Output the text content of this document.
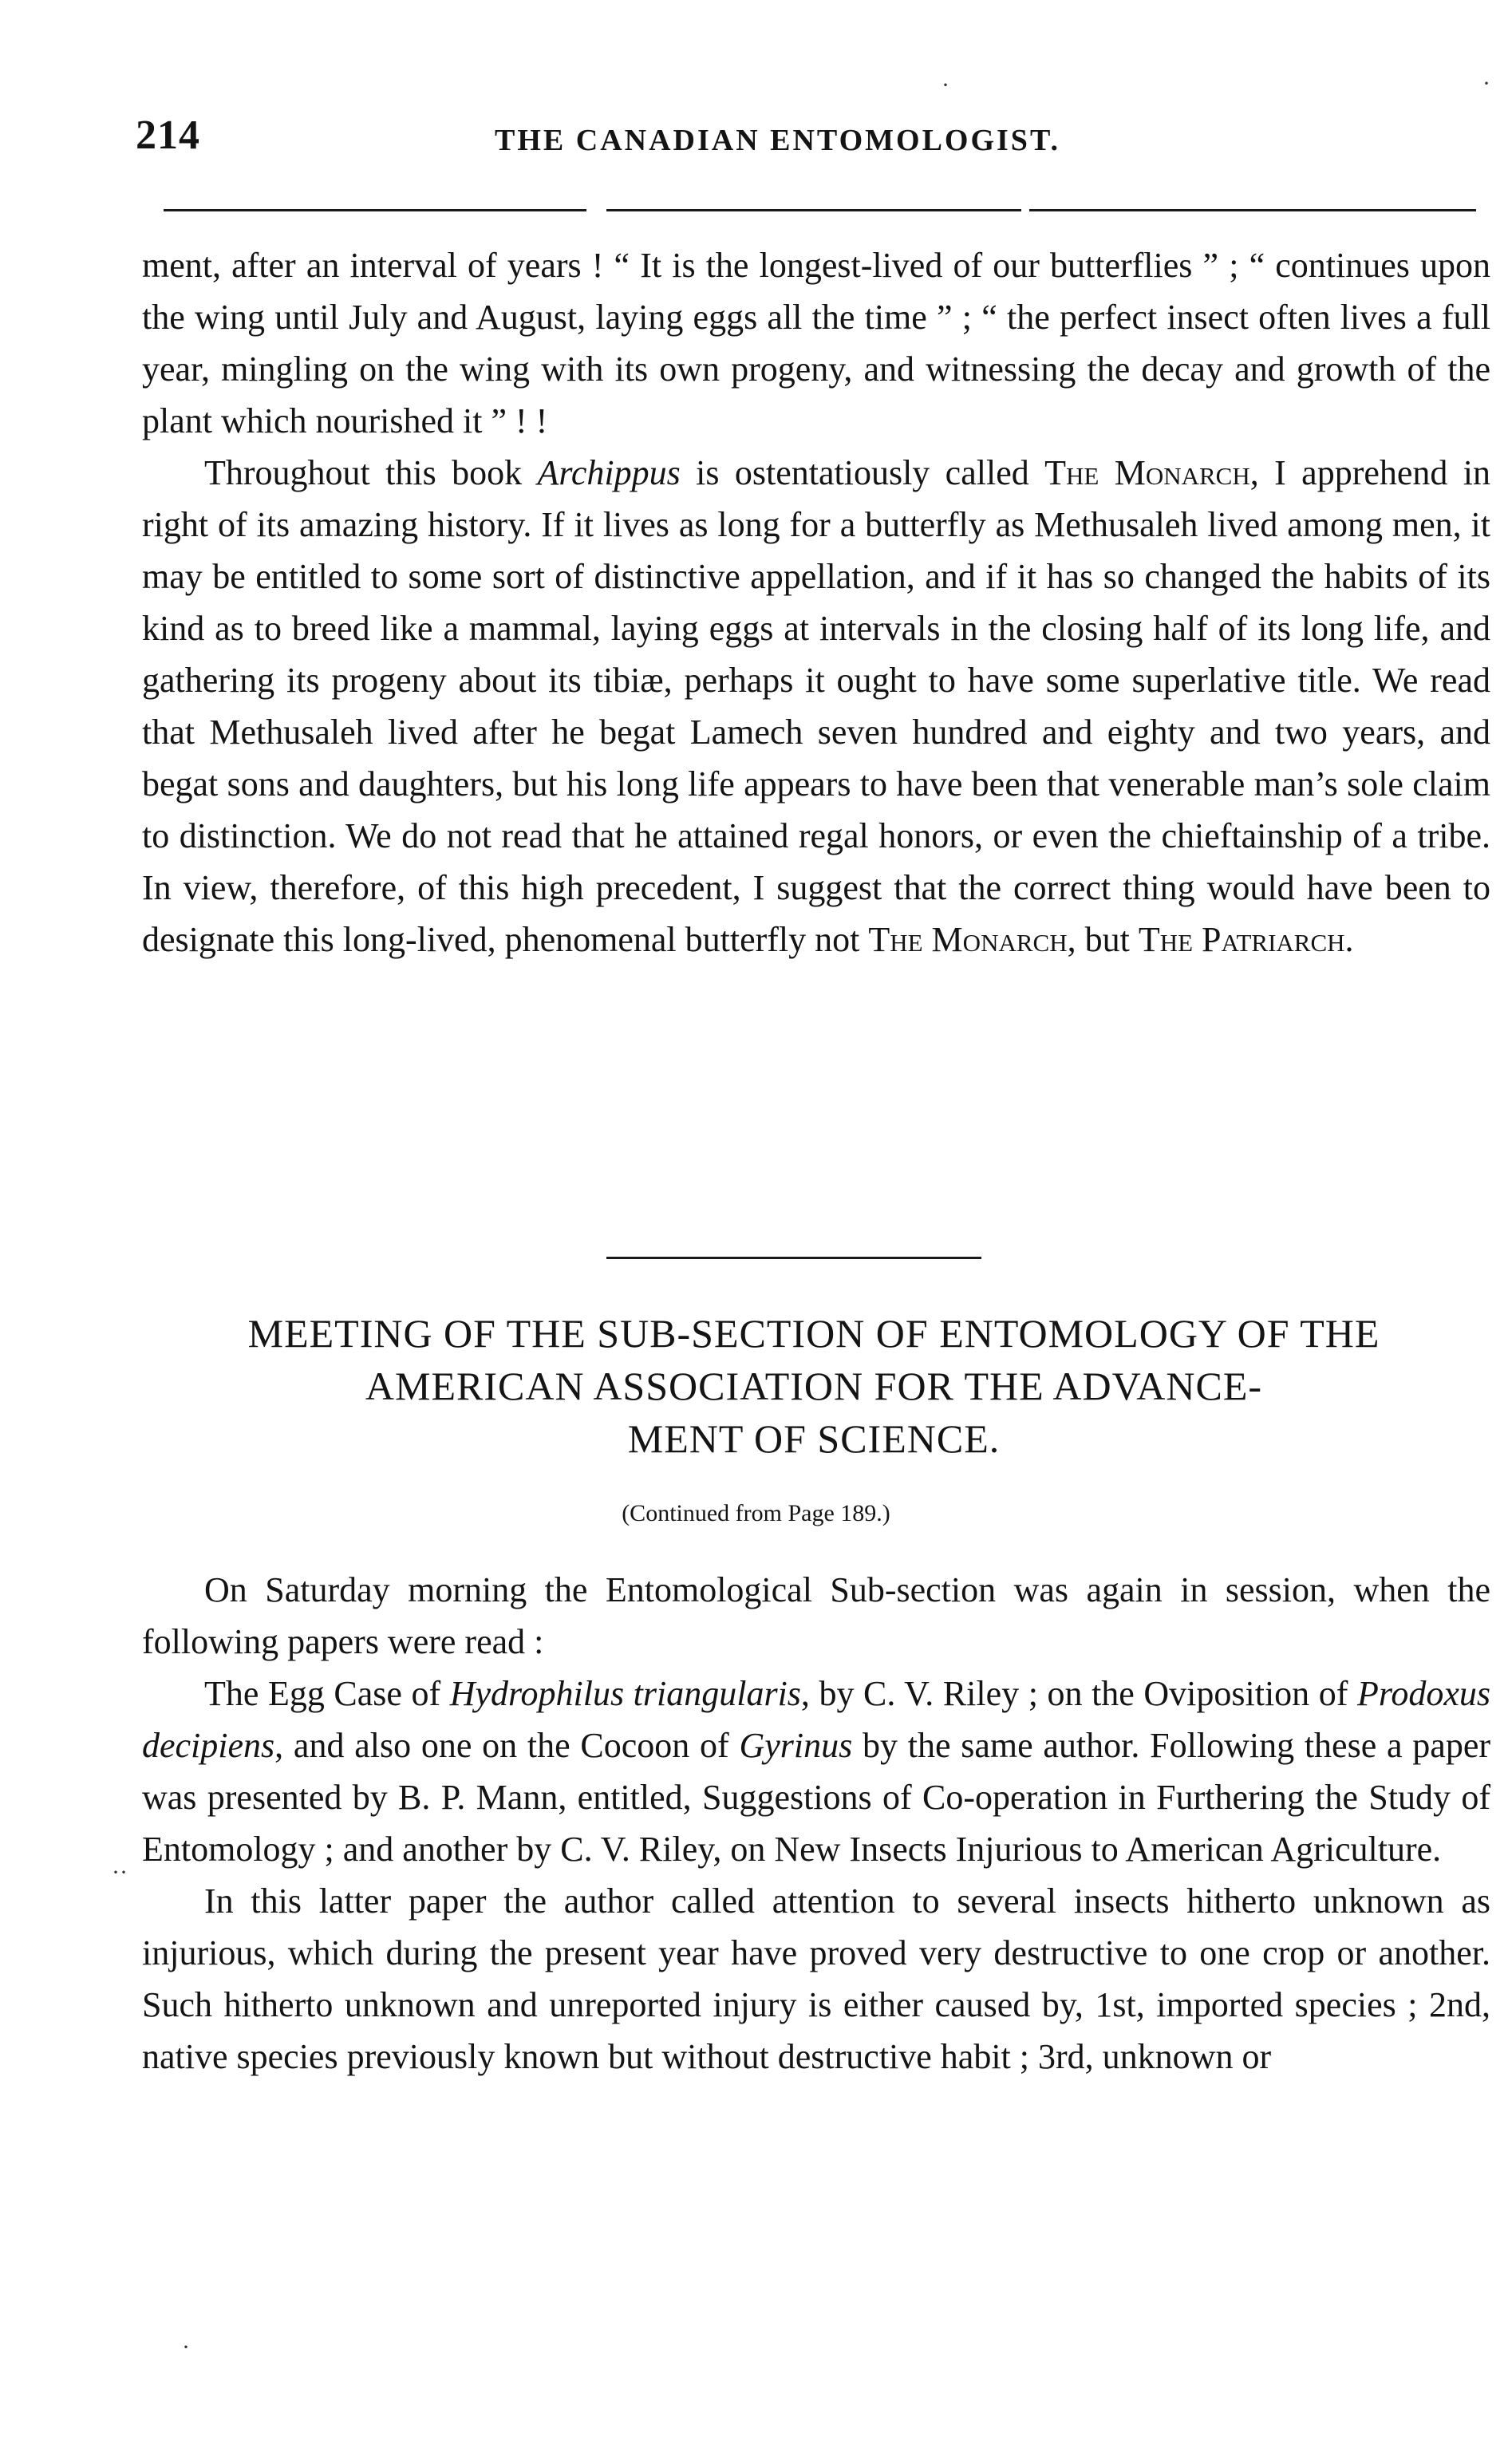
214	THE CANADIAN ENTOMOLOGIST.
·	·

ment, after an interval of years ! “ It is the longest-lived of our butterflies ” ; “ continues upon the wing until July and August, laying eggs all the time ” ; “ the perfect insect often lives a full year, mingling on the wing with its own progeny, and witnessing the decay and growth of the plant which nourished it ” ! !

Throughout this book Archippus is ostentatiously called The Monarch, I apprehend in right of its amazing history. If it lives as long for a butterfly as Methusaleh lived among men, it may be entitled to some sort of distinctive appellation, and if it has so changed the habits of its kind as to breed like a mammal, laying eggs at intervals in the closing half of its long life, and gathering its progeny about its tibiæ, perhaps it ought to have some superlative title. We read that Methusaleh lived after he begat Lamech seven hundred and eighty and two years, and begat sons and daughters, but his long life appears to have been that venerable man’s sole claim to distinction. We do not read that he attained regal honors, or even the chieftainship of a tribe. In view, therefore, of this high precedent, I suggest that the correct thing would have been to designate this long-lived, phenomenal butterfly not The Monarch, but The Patriarch.

MEETING OF THE SUB-SECTION OF ENTOMOLOGY OF THE
AMERICAN ASSOCIATION FOR THE ADVANCE-
MENT OF SCIENCE.
(Continued from Page 189.)

On Saturday morning the Entomological Sub-section was again in session, when the following papers were read :

The Egg Case of Hydrophilus triangularis, by C. V. Riley ; on the Oviposition of Prodoxus decipiens, and also one on the Cocoon of Gyrinus by the same author. Following these a paper was presented by B. P. Mann, entitled, Suggestions of Co-operation in Furthering the Study of Entomology ; and another by C. V. Riley, on New Insects Injurious to American Agriculture.

In this latter paper the author called attention to several insects hitherto unknown as injurious, which during the present year have proved very destructive to one crop or another. Such hitherto unknown and unreported injury is either caused by, 1st, imported species ; 2nd, native species previously known but without destructive habit ; 3rd, unknown or

··
·
